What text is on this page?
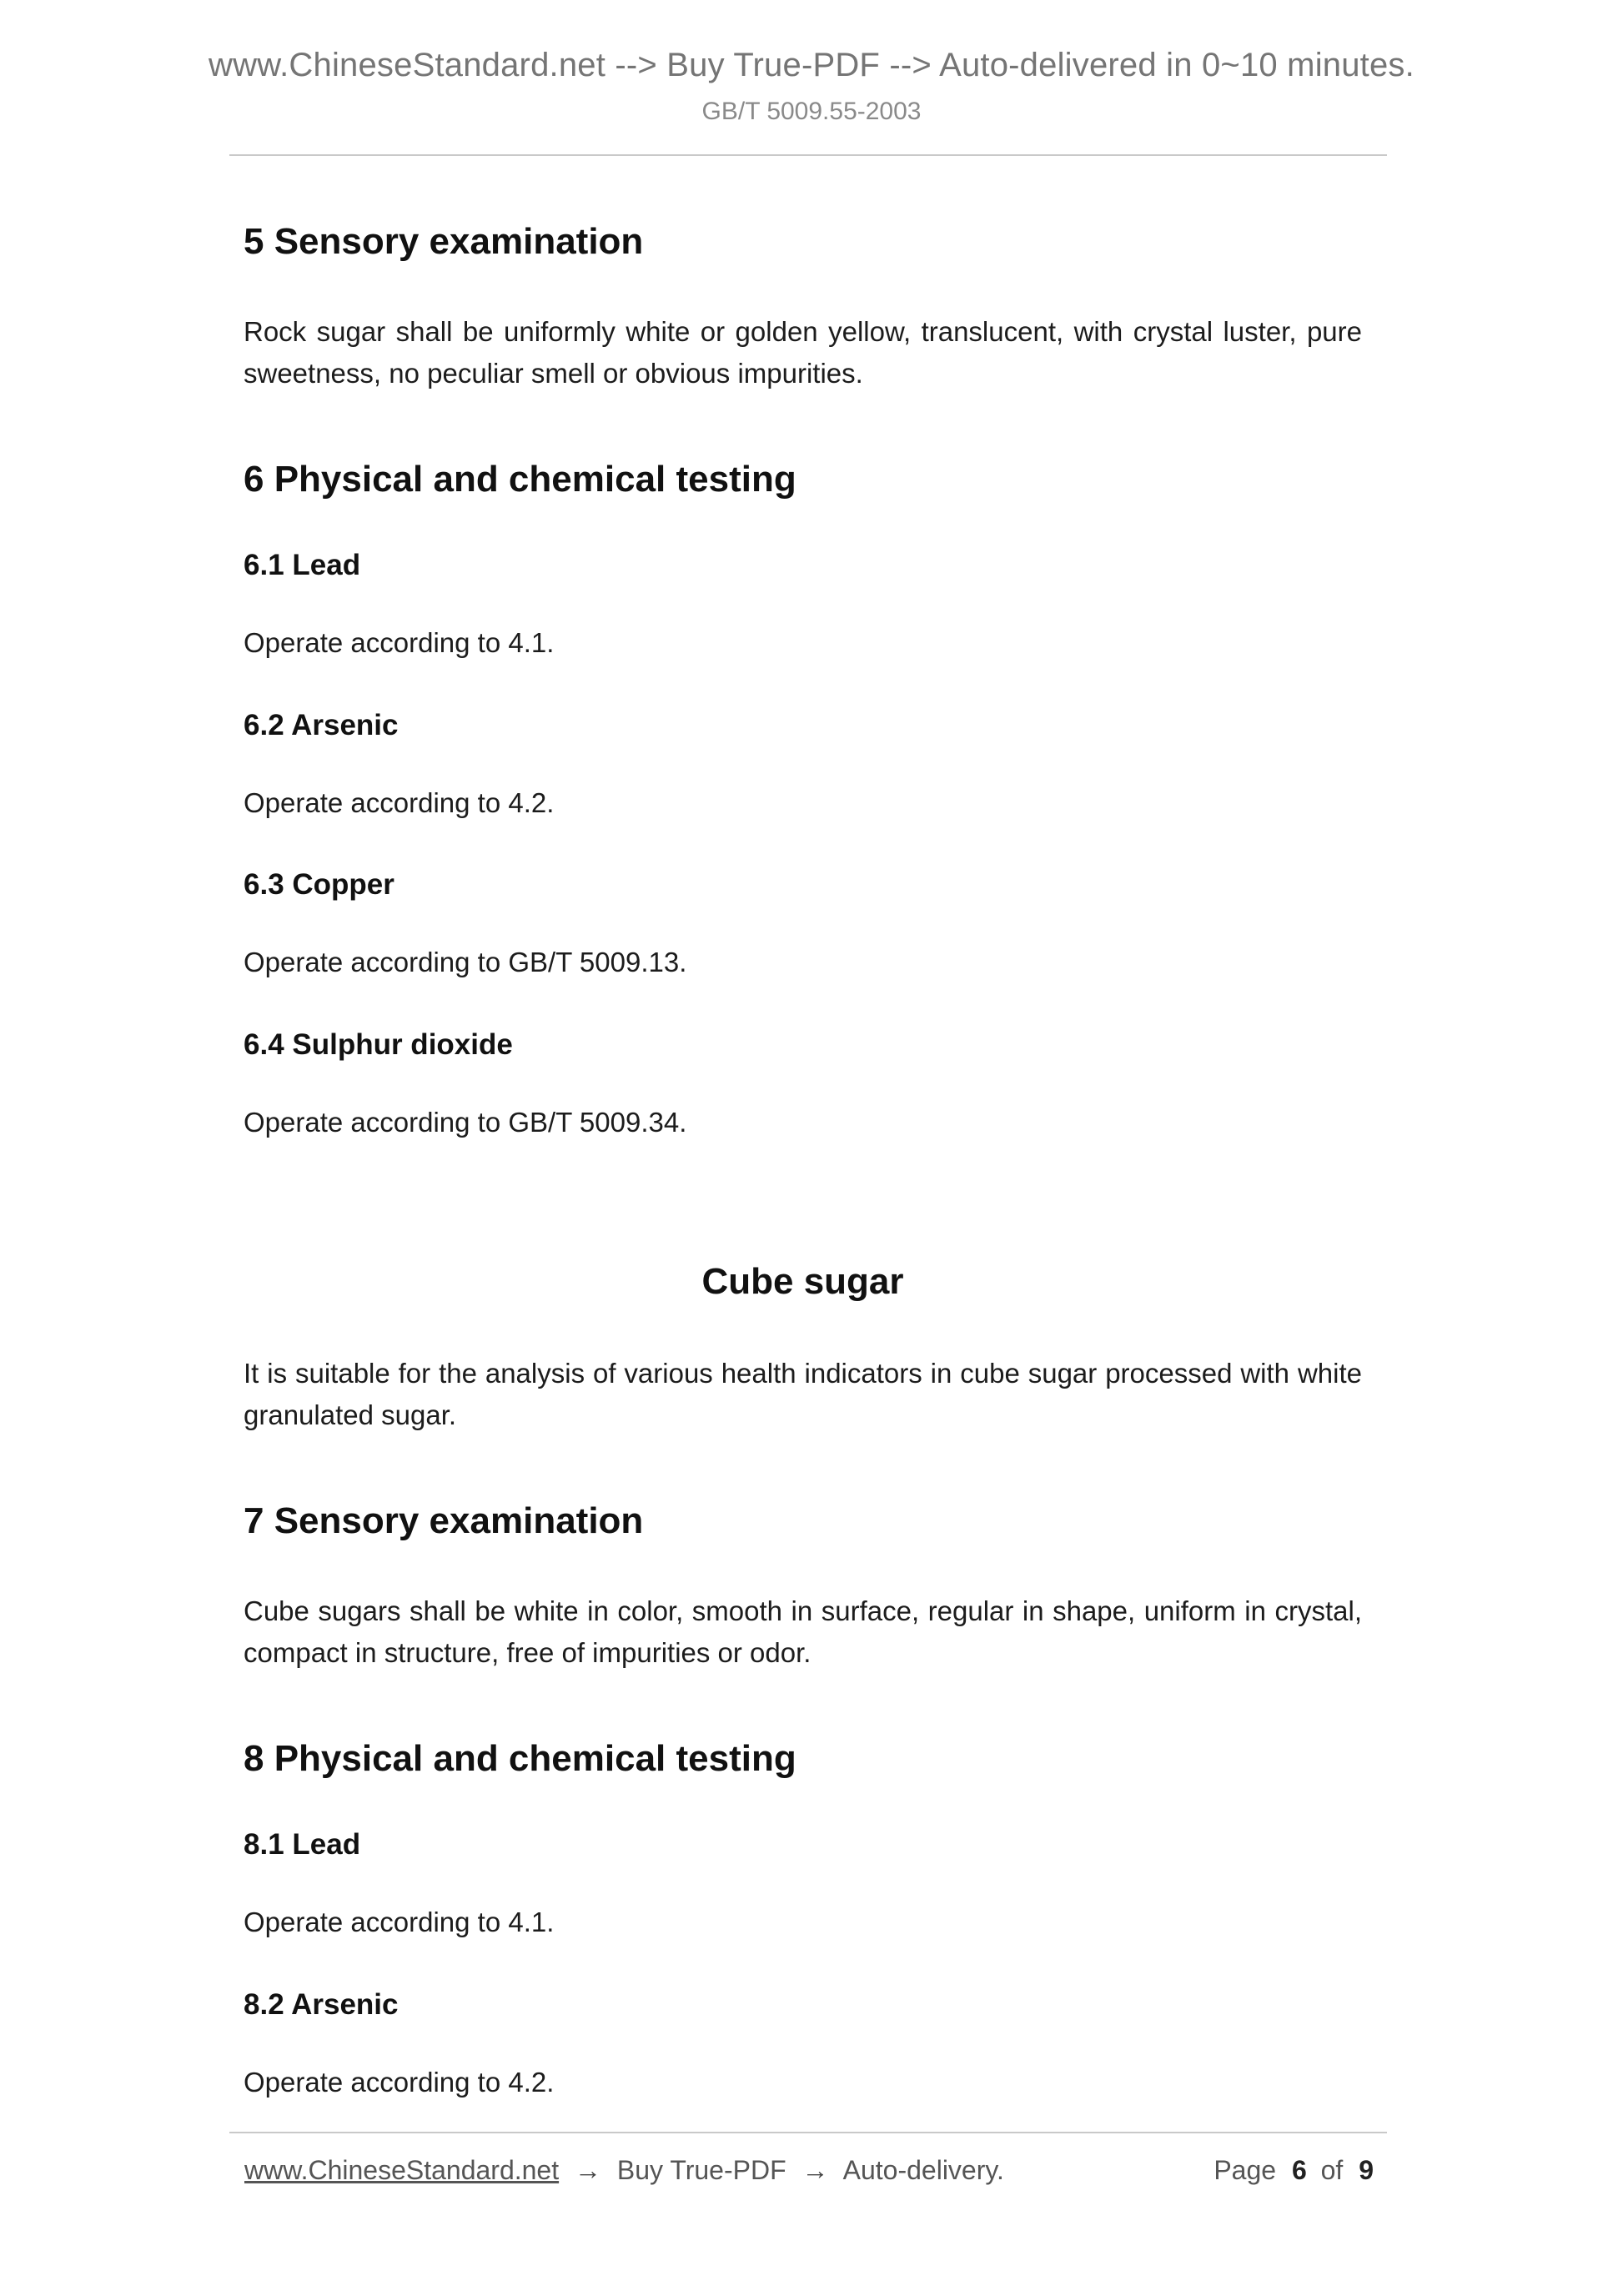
www.ChineseStandard.net --> Buy True-PDF --> Auto-delivered in 0~10 minutes.
GB/T 5009.55-2003
5 Sensory examination
Rock sugar shall be uniformly white or golden yellow, translucent, with crystal luster, pure sweetness, no peculiar smell or obvious impurities.
6 Physical and chemical testing
6.1 Lead
Operate according to 4.1.
6.2 Arsenic
Operate according to 4.2.
6.3 Copper
Operate according to GB/T 5009.13.
6.4 Sulphur dioxide
Operate according to GB/T 5009.34.
Cube sugar
It is suitable for the analysis of various health indicators in cube sugar processed with white granulated sugar.
7 Sensory examination
Cube sugars shall be white in color, smooth in surface, regular in shape, uniform in crystal, compact in structure, free of impurities or odor.
8 Physical and chemical testing
8.1 Lead
Operate according to 4.1.
8.2 Arsenic
Operate according to 4.2.
www.ChineseStandard.net → Buy True-PDF → Auto-delivery.	Page 6 of 9
